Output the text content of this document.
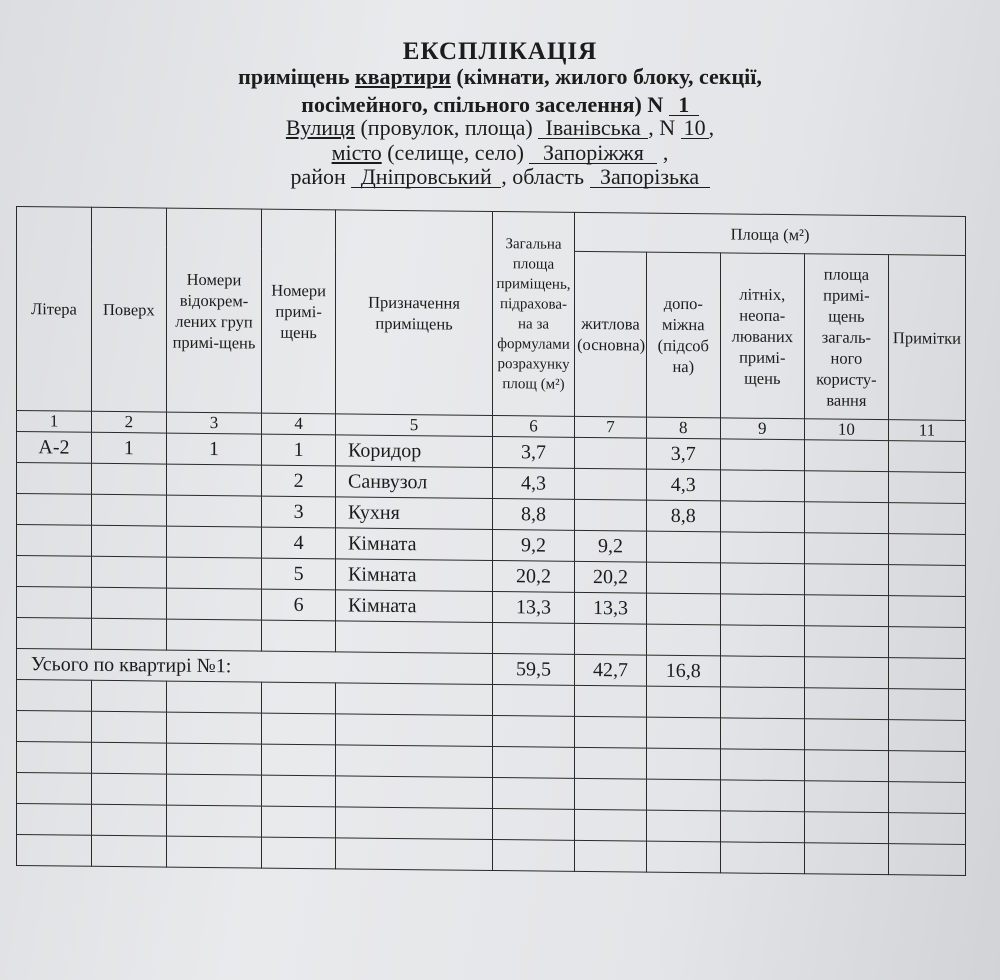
ЕКСПЛІКАЦІЯ
приміщень квартири (кімнати, жилого блоку, секції,
посімейного, спільного заселення) N 1
Вулиця (провулок, площа) Іванівська , N 10 ,
місто (селище, село) Запоріжжя ,
район Дніпровський , область Запорізька
Літера	Поверх	Номери відокрем-лених груп примі-щень	Номери примі-щень	Призначення приміщень	Загальна площа приміщень, підрахова-на за формулами розрахунку площ (м²)	Площа (м²)				
						житлова (основна)	допо-міжна (підсоб на)	літніх, неопа-люваних примі-щень	площа примі-щень загаль-ного користу-вання	Примітки
1	2	3	4	5	6	7	8	9	10	11
А-2	1	1	1	Коридор	3,7		3,7			
			2	Санвузол	4,3		4,3			
			3	Кухня	8,8		8,8			
			4	Кімната	9,2	9,2				
			5	Кімната	20,2	20,2				
			6	Кімната	13,3	13,3				

Усього по квартирі №1:					59,5	42,7	16,8			
